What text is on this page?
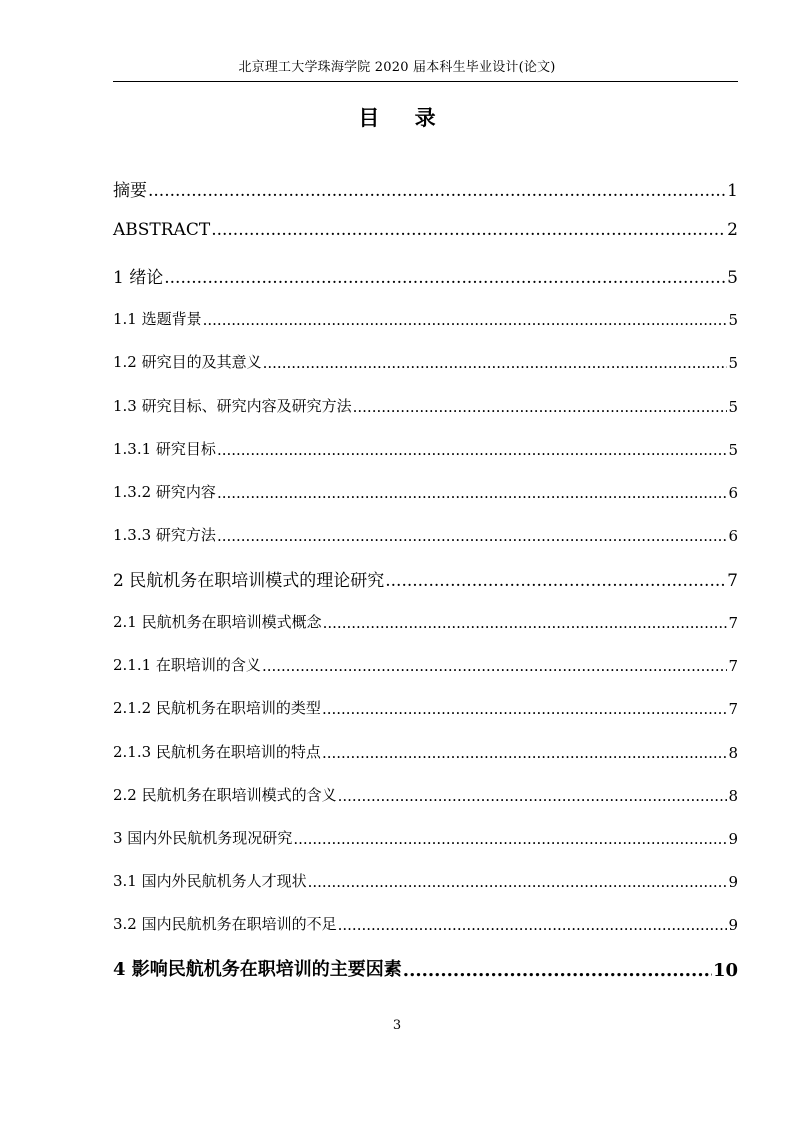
北京理工大学珠海学院 2020 届本科生毕业设计(论文)
目 录
摘要 .....	1
ABSTRACT .....	2
1 绪论 .....	5
1.1 选题背景 .....	5
1.2 研究目的及其意义 .....	5
1.3 研究目标、研究内容及研究方法 .....	5
1.3.1 研究目标 .....	5
1.3.2 研究内容 .....	6
1.3.3 研究方法 .....	6
2 民航机务在职培训模式的理论研究 .....	7
2.1 民航机务在职培训模式概念 .....	7
2.1.1 在职培训的含义 .....	7
2.1.2 民航机务在职培训的类型 .....	7
2.1.3 民航机务在职培训的特点 .....	8
2.2 民航机务在职培训模式的含义 .....	8
3 国内外民航机务现况研究 .....	9
3.1 国内外民航机务人才现状 .....	9
3.2 国内民航机务在职培训的不足 .....	9
4 影响民航机务在职培训的主要因素 .....	10
3
